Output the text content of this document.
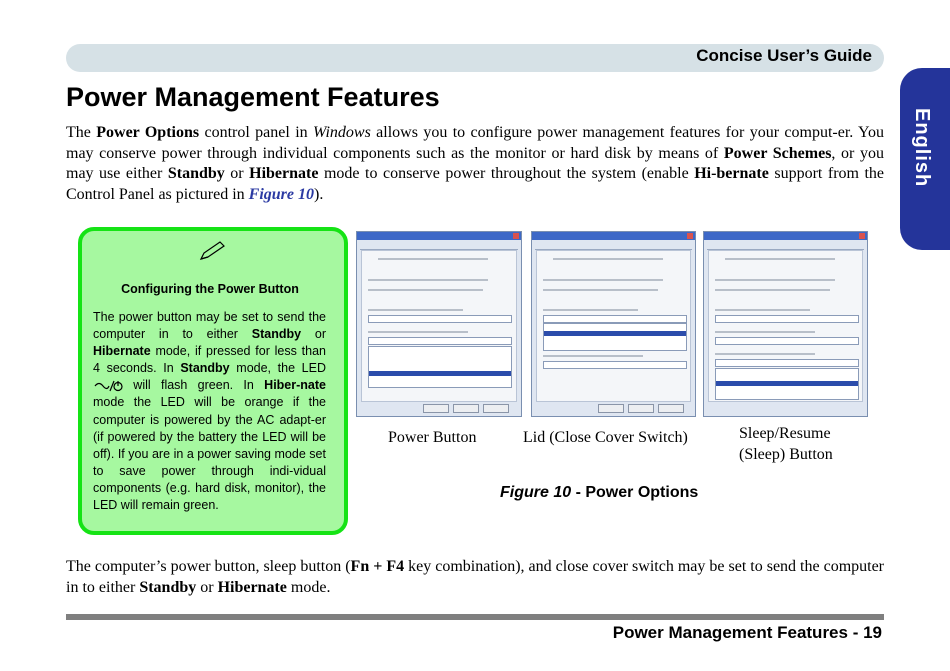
Concise User’s Guide
English
Power Management Features

The Power Options control panel in Windows allows you to configure power management features for your comput-er. You may conserve power through individual components such as the monitor or hard disk by means of Power Schemes, or you may use either Standby or Hibernate mode to conserve power throughout the system (enable Hi-bernate support from the Control Panel as pictured in Figure 10).

Configuring the Power Button

The power button may be set to send the computer in to either Standby or Hibernate mode, if pressed for less than 4 seconds. In Standby mode, the LED  will flash green. In Hiber-nate mode the LED will be orange if the computer is powered by the AC adapt-er (if powered by the battery the LED will be off). If you are in a power saving mode set to save power through indi-vidual components (e.g. hard disk, monitor), the LED will remain green.

Power Button	Lid (Close Cover Switch)	Sleep/Resume
(Sleep) Button
Figure 10 - Power Options

The computer’s power button, sleep button (Fn + F4 key combination), and close cover switch may be set to send the computer in to either Standby or Hibernate mode.

Power Management Features - 19
